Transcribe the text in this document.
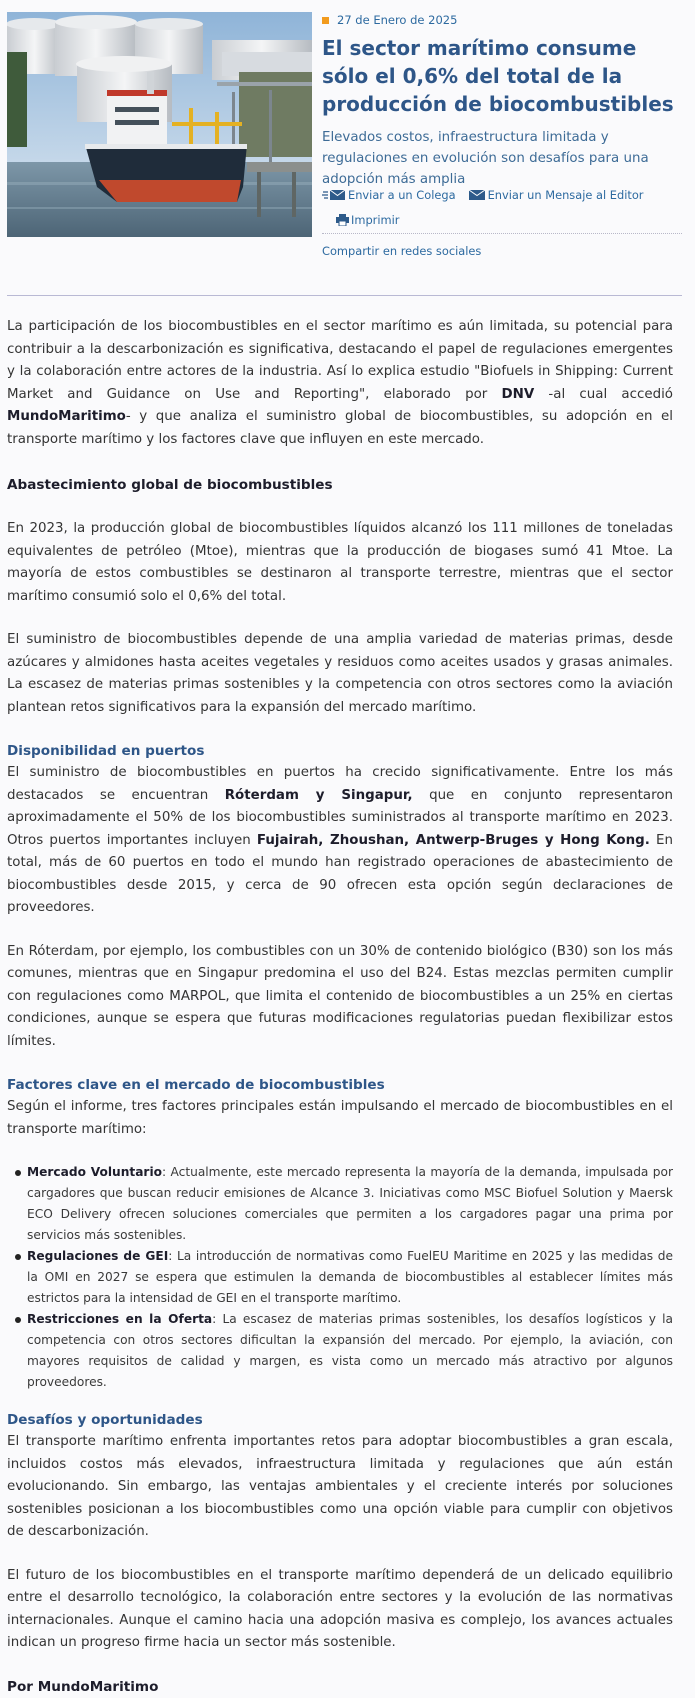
27 de Enero de 2025
El sector marítimo consume sólo el 0,6% del total de la producción de biocombustibles
Elevados costos, infraestructura limitada y regulaciones en evolución son desafíos para una adopción más amplia
Enviar a un Colega	Enviar un Mensaje al Editor
Imprimir
Compartir en redes sociales

La participación de los biocombustibles en el sector marítimo es aún limitada, su potencial para contribuir a la descarbonización es significativa, destacando el papel de regulaciones emergentes y la colaboración entre actores de la industria. Así lo explica estudio "Biofuels in Shipping: Current Market and Guidance on Use and Reporting", elaborado por DNV -al cual accedió MundoMaritimo- y que analiza el suministro global de biocombustibles, su adopción en el transporte marítimo y los factores clave que influyen en este mercado.

Abastecimiento global de biocombustibles

En 2023, la producción global de biocombustibles líquidos alcanzó los 111 millones de toneladas equivalentes de petróleo (Mtoe), mientras que la producción de biogases sumó 41 Mtoe. La mayoría de estos combustibles se destinaron al transporte terrestre, mientras que el sector marítimo consumió solo el 0,6% del total.

El suministro de biocombustibles depende de una amplia variedad de materias primas, desde azúcares y almidones hasta aceites vegetales y residuos como aceites usados y grasas animales. La escasez de materias primas sostenibles y la competencia con otros sectores como la aviación plantean retos significativos para la expansión del mercado marítimo.

Disponibilidad en puertos

El suministro de biocombustibles en puertos ha crecido significativamente. Entre los más destacados se encuentran Róterdam y Singapur, que en conjunto representaron aproximadamente el 50% de los biocombustibles suministrados al transporte marítimo en 2023. Otros puertos importantes incluyen Fujairah, Zhoushan, Antwerp-Bruges y Hong Kong. En total, más de 60 puertos en todo el mundo han registrado operaciones de abastecimiento de biocombustibles desde 2015, y cerca de 90 ofrecen esta opción según declaraciones de proveedores.

En Róterdam, por ejemplo, los combustibles con un 30% de contenido biológico (B30) son los más comunes, mientras que en Singapur predomina el uso del B24. Estas mezclas permiten cumplir con regulaciones como MARPOL, que limita el contenido de biocombustibles a un 25% en ciertas condiciones, aunque se espera que futuras modificaciones regulatorias puedan flexibilizar estos límites.

Factores clave en el mercado de biocombustibles

Según el informe, tres factores principales están impulsando el mercado de biocombustibles en el transporte marítimo:

Mercado Voluntario: Actualmente, este mercado representa la mayoría de la demanda, impulsada por cargadores que buscan reducir emisiones de Alcance 3. Iniciativas como MSC Biofuel Solution y Maersk ECO Delivery ofrecen soluciones comerciales que permiten a los cargadores pagar una prima por servicios más sostenibles.
Regulaciones de GEI: La introducción de normativas como FuelEU Maritime en 2025 y las medidas de la OMI en 2027 se espera que estimulen la demanda de biocombustibles al establecer límites más estrictos para la intensidad de GEI en el transporte marítimo.
Restricciones en la Oferta: La escasez de materias primas sostenibles, los desafíos logísticos y la competencia con otros sectores dificultan la expansión del mercado. Por ejemplo, la aviación, con mayores requisitos de calidad y margen, es vista como un mercado más atractivo por algunos proveedores.
Desafíos y oportunidades

El transporte marítimo enfrenta importantes retos para adoptar biocombustibles a gran escala, incluidos costos más elevados, infraestructura limitada y regulaciones que aún están evolucionando. Sin embargo, las ventajas ambientales y el creciente interés por soluciones sostenibles posicionan a los biocombustibles como una opción viable para cumplir con objetivos de descarbonización.

El futuro de los biocombustibles en el transporte marítimo dependerá de un delicado equilibrio entre el desarrollo tecnológico, la colaboración entre sectores y la evolución de las normativas internacionales. Aunque el camino hacia una adopción masiva es complejo, los avances actuales indican un progreso firme hacia un sector más sostenible.

Por MundoMaritimo
